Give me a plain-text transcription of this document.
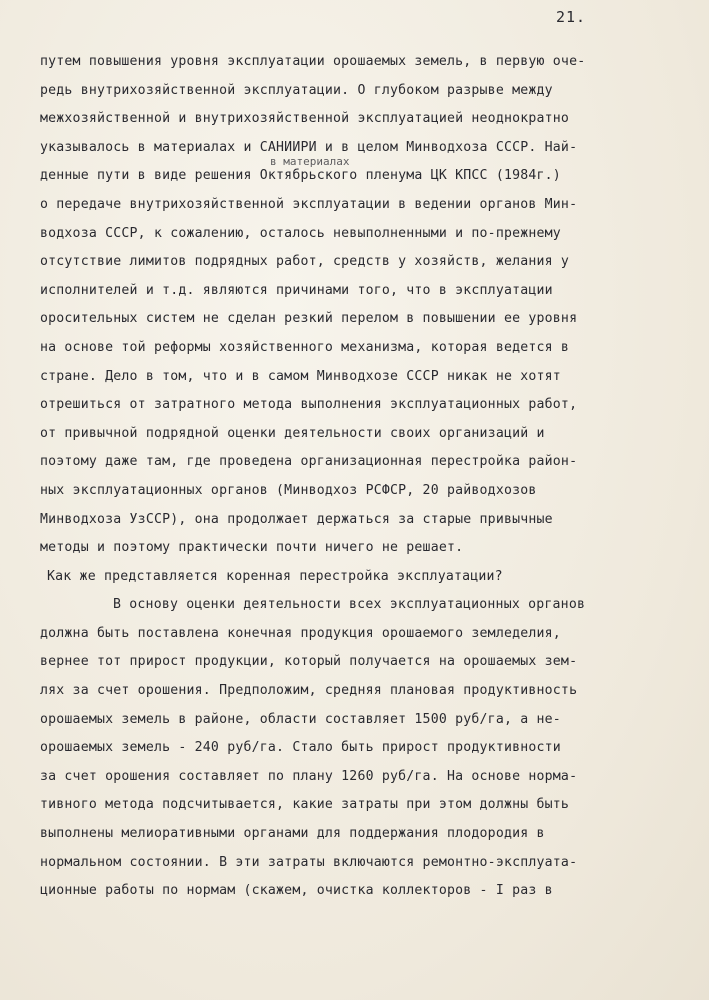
21.
в материалах
путем повышения уровня эксплуатации орошаемых земель, в первую оче-
редь внутрихозяйственной эксплуатации. О глубоком разрыве между
межхозяйственной и внутрихозяйственной эксплуатацией неоднократно
указывалось в материалах и САНИИРИ и в целом Минводхоза СССР. Най-
денные пути в виде решения Октябрьского пленума ЦК КПСС (1984г.)
о передаче внутрихозяйственной эксплуатации в ведении органов Мин-
водхоза СССР, к сожалению, осталось невыполненными и по-прежнему
отсутствие лимитов подрядных работ, средств у хозяйств, желания у
исполнителей и т.д. являются причинами того, что в эксплуатации
оросительных систем не сделан резкий перелом в повышении ее уровня
на основе той реформы хозяйственного механизма, которая ведется в
стране. Дело в том, что и в самом Минводхозе СССР никак не хотят
отрешиться от затратного метода выполнения эксплуатационных работ,
от привычной подрядной оценки деятельности своих организаций и
поэтому даже там, где проведена организационная перестройка район-
ных эксплуатационных органов (Минводхоз РСФСР, 20 райводхозов
Минводхоза УзССР), она продолжает держаться за старые привычные
методы и поэтому практически почти ничего не решает.
Как же представляется коренная перестройка эксплуатации?
В основу оценки деятельности всех эксплуатационных органов
должна быть поставлена конечная продукция орошаемого земледелия,
вернее тот прирост продукции, который получается на орошаемых зем-
лях за счет орошения. Предположим, средняя плановая продуктивность
орошаемых земель в районе, области составляет 1500 руб/га, а не-
орошаемых земель - 240 руб/га. Стало быть прирост продуктивности
за счет орошения составляет по плану 1260 руб/га. На основе норма-
тивного метода подсчитывается, какие затраты при этом должны быть
выполнены мелиоративными органами для поддержания плодородия в
нормальном состоянии. В эти затраты включаются ремонтно-эксплуата-
ционные работы по нормам (скажем, очистка коллекторов - I раз в
